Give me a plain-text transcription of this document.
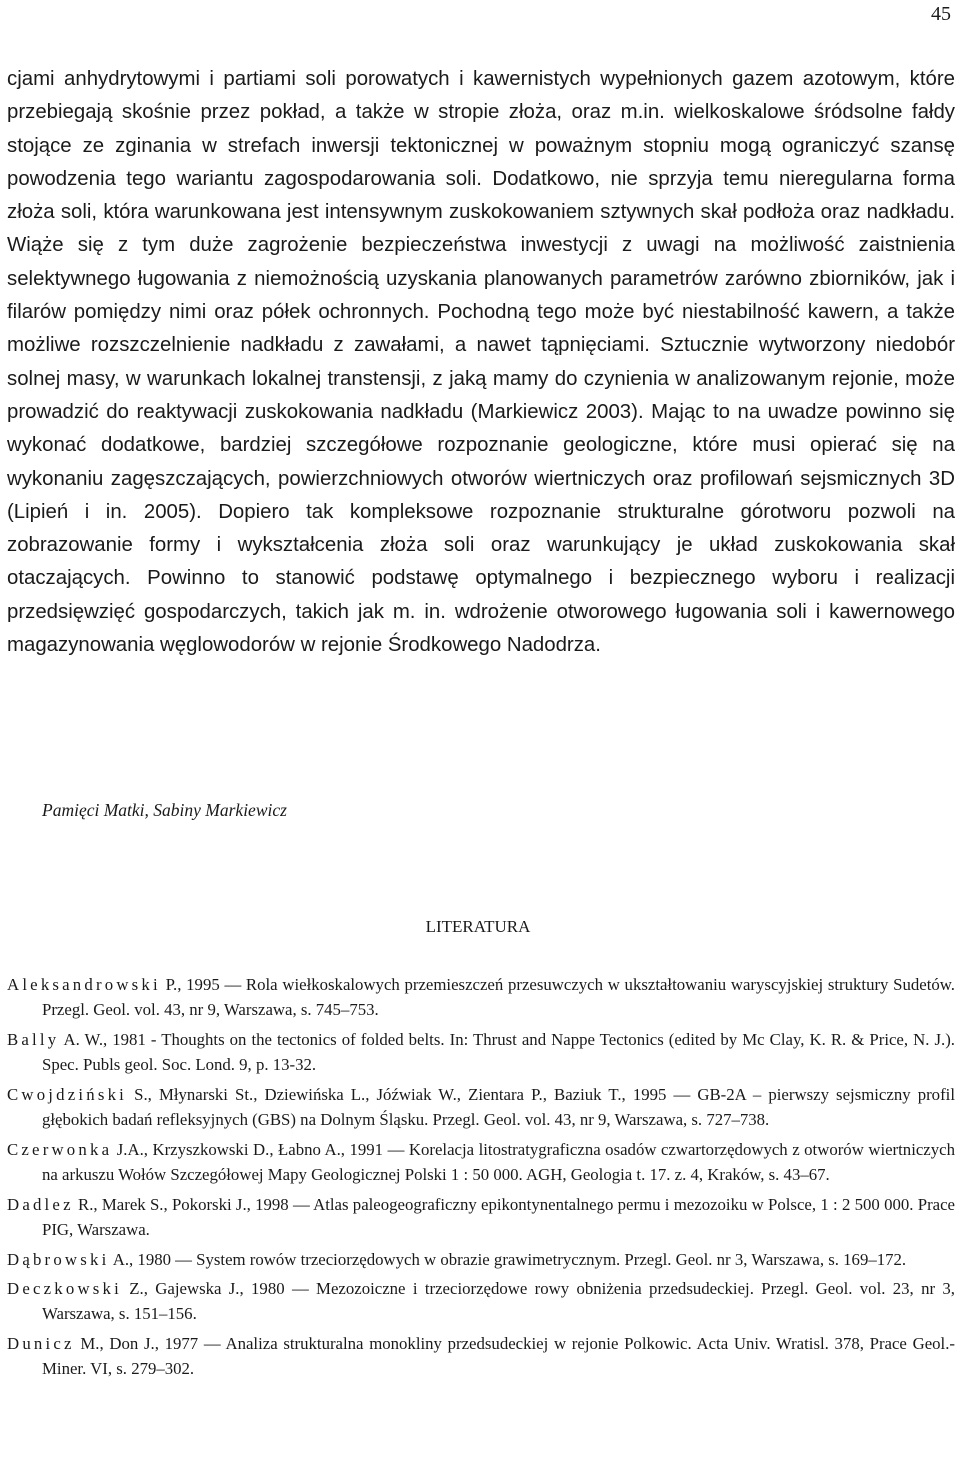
45

cjami anhydrytowymi i partiami soli porowatych i kawernistych wypełnionych gazem azotowym, które przebiegają skośnie przez pokład, a także w stropie złoża, oraz m.in. wielkoskalowe śródsolne fałdy stojące ze zginania w strefach inwersji tektonicznej w poważnym stopniu mogą ograniczyć szansę powodzenia tego wariantu zagospodarowania soli. Dodatkowo, nie sprzyja temu nieregularna forma złoża soli, która warunkowana jest intensywnym zuskokowaniem sztywnych skał podłoża oraz nadkładu. Wiąże się z tym duże zagrożenie bezpieczeństwa inwestycji z uwagi na możliwość zaistnienia selektywnego ługowania z niemożnością uzyskania planowanych parametrów zarówno zbiorników, jak i filarów pomiędzy nimi oraz półek ochronnych. Pochodną tego może być niestabilność kawern, a także możliwe rozszczelnienie nadkładu z zawałami, a nawet tąpnięciami. Sztucznie wytworzony niedobór solnej masy, w warunkach lokalnej transtensji, z jaką mamy do czynienia w analizowanym rejonie, może prowadzić do reaktywacji zuskokowania nadkładu (Markiewicz 2003). Mając to na uwadze powinno się wykonać dodatkowe, bardziej szczegółowe rozpoznanie geologiczne, które musi opierać się na wykonaniu zagęszczających, powierzchniowych otworów wiertniczych oraz profilowań sejsmicznych 3D (Lipień i in. 2005). Dopiero tak kompleksowe rozpoznanie strukturalne górotworu pozwoli na zobrazowanie formy i wykształcenia złoża soli oraz warunkujący je układ zuskokowania skał otaczających. Powinno to stanowić podstawę optymalnego i bezpiecznego wyboru i realizacji przedsięwzięć gospodarczych, takich jak m. in. wdrożenie otworowego ługowania soli i kawernowego magazynowania węglowodorów w rejonie Środkowego Nadodrza.

Pamięci Matki, Sabiny Markiewicz
LITERATURA
Aleksandrowski P., 1995 — Rola wiełkoskalowych przemieszczeń przesuwczych w ukształtowaniu waryscyjskiej struktury Sudetów. Przegl. Geol. vol. 43, nr 9, Warszawa, s. 745–753.
Bally A. W., 1981 - Thoughts on the tectonics of folded belts. In: Thrust and Nappe Tectonics (edited by Mc Clay, K. R. & Price, N. J.). Spec. Publs geol. Soc. Lond. 9, p. 13-32.
Cwojdziński S., Młynarski St., Dziewińska L., Jóźwiak W., Zientara P., Baziuk T., 1995 — GB-2A – pierwszy sejsmiczny profil głębokich badań refleksyjnych (GBS) na Dolnym Śląsku. Przegl. Geol. vol. 43, nr 9, Warszawa, s. 727–738.
Czerwonka J.A., Krzyszkowski D., Łabno A., 1991 — Korelacja litostratygraficzna osadów czwartorzędowych z otworów wiertniczych na arkuszu Wołów Szczegółowej Mapy Geologicznej Polski 1 : 50 000. AGH, Geologia t. 17. z. 4, Kraków, s. 43–67.
Dadlez R., Marek S., Pokorski J., 1998 — Atlas paleogeograficzny epikontynentalnego permu i mezozoiku w Polsce, 1 : 2 500 000. Prace PIG, Warszawa.
Dąbrowski A., 1980 — System rowów trzeciorzędowych w obrazie grawimetrycznym. Przegl. Geol. nr 3, Warszawa, s. 169–172.
Deczkowski Z., Gajewska J., 1980 — Mezozoiczne i trzeciorzędowe rowy obniżenia przedsudeckiej. Przegl. Geol. vol. 23, nr 3, Warszawa, s. 151–156.
Dunicz M., Don J., 1977 — Analiza strukturalna monokliny przedsudeckiej w rejonie Polkowic. Acta Univ. Wratisl. 378, Prace Geol.-Miner. VI, s. 279–302.
